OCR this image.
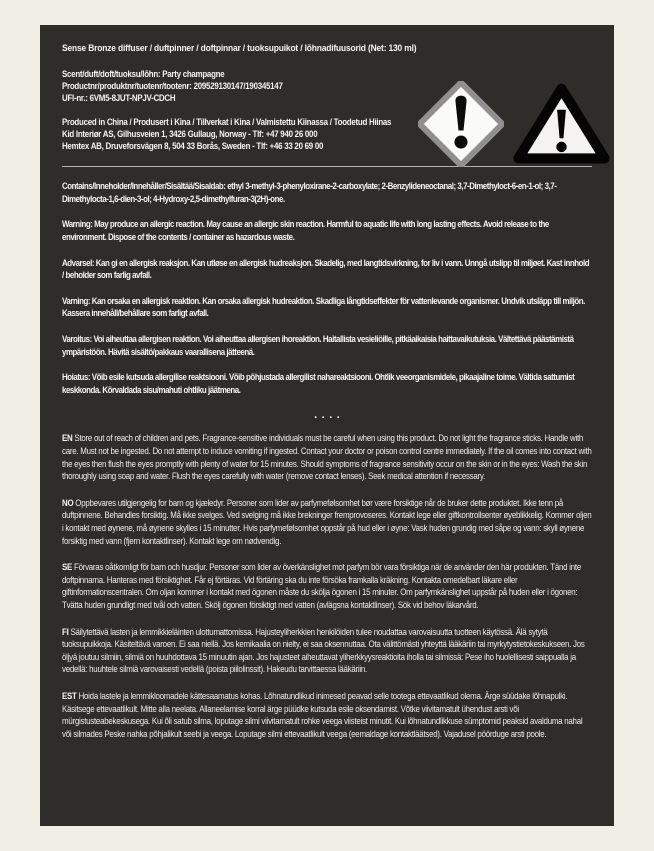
Sense Bronze diffuser / duftpinner / doftpinnar / tuoksupuikot / lõhnadifuusorid (Net: 130 ml)
Scent/duft/doft/tuoksu/lõhn: Party champagne
Productnr/produktnr/tuotenr/tootenr: 209529130147/190345147
UFI-nr.: 6VM5-8JUT-NPJV-CDCH
Produced in China / Produsert i Kina / Tillverkat i Kina / Valmistettu Kiinassa / Toodetud Hiinas
Kid Interiør AS, Gilhusveien 1, 3426 Gullaug, Norway - Tlf: +47 940 26 000
Hemtex AB, Druveforsvägen 8, 504 33 Borås, Sweden - Tlf: +46 33 20 69 00

Contains/Inneholder/Innehåller/Sisältää/Sisaldab: ethyl 3-methyl-3-phenyloxirane-2-carboxylate; 2-Benzylideneoctanal; 3,7-Dimethyloct-6-en-1-ol; 3,7-Dimethylocta-1,6-dien-3-ol; 4-Hydroxy-2,5-dimethylfuran-3(2H)-one.

Warning: May produce an allergic reaction. May cause an allergic skin reaction. Harmful to aquatic life with long lasting effects. Avoid release to the environment. Dispose of the contents / container as hazardous waste.

Advarsel: Kan gi en allergisk reaksjon. Kan utløse en allergisk hudreaksjon. Skadelig, med langtidsvirkning, for liv i vann. Unngå utslipp til miljøet. Kast innhold / beholder som farlig avfall.

Varning: Kan orsaka en allergisk reaktion. Kan orsaka allergisk hudreaktion. Skadliga långtidseffekter för vattenlevande organismer. Undvik utsläpp till miljön. Kassera innehåll/behållare som farligt avfall.

Varoitus: Voi aiheuttaa allergisen reaktion. Voi aiheuttaa allergisen ihoreaktion. Haitallista vesieliöille, pitkäaikaisia haittavaikutuksia. Vältettävä päästämistä ympäristöön. Hävitä sisältö/pakkaus vaarallisena jätteenä.

Hoiatus: Võib esile kutsuda allergilise reaktsiooni. Võib põhjustada allergilist nahareaktsiooni. Ohtlik veeorganismidele, pikaajaline toime. Vältida sattumist keskkonda. Kõrvaldada sisu/mahuti ohtliku jäätmena.

....

EN Store out of reach of children and pets. Fragrance-sensitive individuals must be careful when using this product. Do not light the fragrance sticks. Handle with care. Must not be ingested. Do not attempt to induce vomiting if ingested. Contact your doctor or poison control centre immediately. If the oil comes into contact with the eyes then flush the eyes promptly with plenty of water for 15 minutes. Should symptoms of fragrance sensitivity occur on the skin or in the eyes: Wash the skin thoroughly using soap and water. Flush the eyes carefully with water (remove contact lenses). Seek medical attention if necessary.

NO Oppbevares utilgjengelig for barn og kjæledyr. Personer som lider av parfymefølsomhet bør være forsiktige når de bruker dette produktet. Ikke tenn på duftpinnene. Behandles forsiktig. Må ikke svelges. Ved svelging må ikke brekninger fremprovoseres. Kontakt lege eller giftkontrollsenter øyeblikkelig. Kommer oljen i kontakt med øynene, må øynene skylles i 15 minutter. Hvis parfymefølsomhet oppstår på hud eller i øyne: Vask huden grundig med såpe og vann: skyll øynene forsiktig med vann (fjern kontaktlinser). Kontakt lege om nødvendig.

SE Förvaras oåtkomligt för barn och husdjur. Personer som lider av överkänslighet mot parfym bör vara försiktiga när de använder den här produkten. Tänd inte doftpinnarna. Hanteras med försiktighet. Får ej förtäras. Vid förtäring ska du inte försöka framkalla kräkning. Kontakta omedelbart läkare eller giftinformationscentralen. Om oljan kommer i kontakt med ögonen måste du skölja ögonen i 15 minuter. Om parfymkänslighet uppstår på huden eller i ögonen: Tvätta huden grundligt med tvål och vatten. Skölj ögonen försiktigt med vatten (avlägsna kontaktlinser). Sök vid behov läkarvård.

FI Säilytettävä lasten ja lemmikkieläinten ulottumattomissa. Hajusteyliherkkien henkilöiden tulee noudattaa varovaisuutta tuotteen käytössä. Älä sytytä tuoksupuikkoja. Käsiteltävä varoen. Ei saa niellä. Jos kemikaalia on nielty, ei saa oksennuttaa. Ota välittömästi yhteyttä lääkäriin tai myrkytystietokeskukseen. Jos öljyä joutuu silmiin, silmiä on huuhdottava 15 minuutin ajan. Jos hajusteet aiheuttavat yliherkkyysreaktioita iholla tai silmissä: Pese iho huolellisesti saippualla ja vedellä: huuhtele silmiä varovaisesti vedellä (poista piilolinssit). Hakeudu tarvittaessa lääkäriin.

EST Hoida lastele ja lemmikloomadele kättesaamatus kohas. Lõhnatundlikud inimesed peavad selle tootega ettevaatlikud olema. Ärge süüdake lõhnapulki. Käsitsege ettevaatlikult. Mitte alla neelata. Allaneelamise korral ärge püüdke kutsuda esile oksendamist. Võtke viivitamatult ühendust arsti või mürgistusteabekeskusega. Kui õli satub silma, loputage silmi viivitamatult rohke veega viisteist minutit. Kui lõhnatundlikkuse sümptomid peaksid avalduma nahal või silmades Peske nahka põhjalikult seebi ja veega. Loputage silmi ettevaatlikult veega (eemaldage kontaktläätsed). Vajadusel pöörduge arsti poole.
